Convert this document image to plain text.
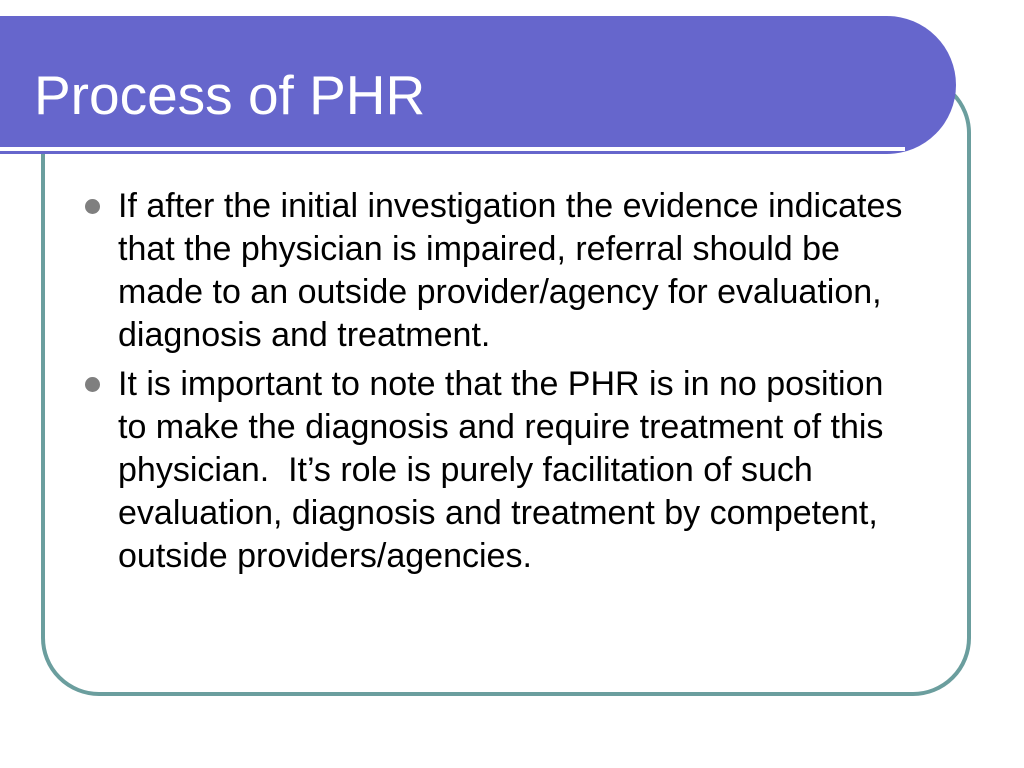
Process of PHR
If after the initial investigation the evidence indicates that the physician is impaired, referral should be made to an outside provider/agency for evaluation, diagnosis and treatment.
It is important to note that the PHR is in no position to make the diagnosis and require treatment of this physician.  It’s role is purely facilitation of such evaluation, diagnosis and treatment by competent, outside providers/agencies.
